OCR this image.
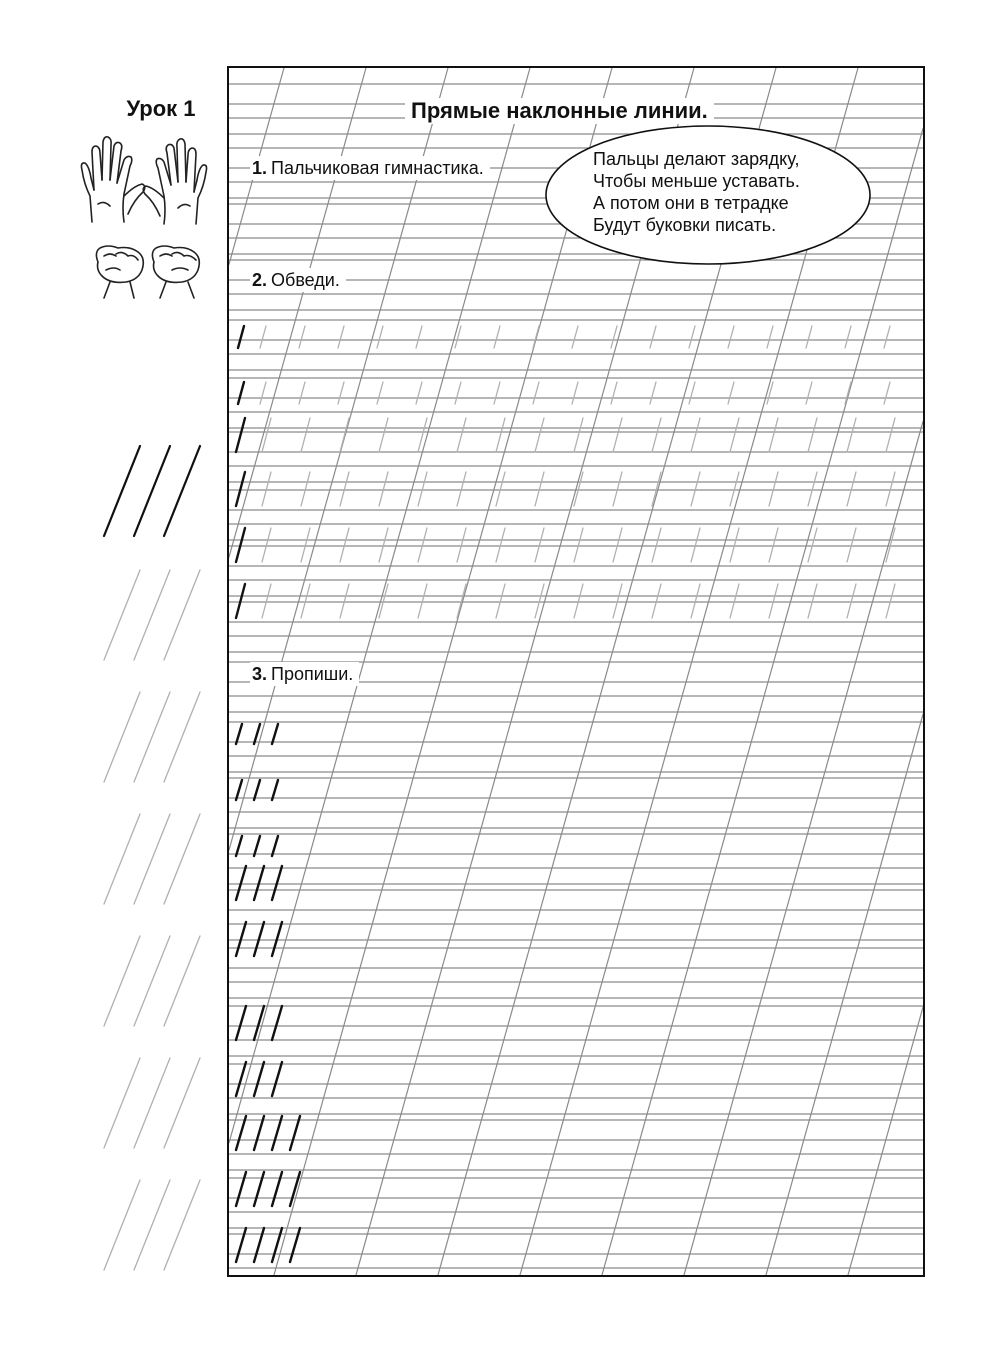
Урок 1	Прямые наклонные линии.
1. Пальчиковая гимнастика.
2. Обведи.
3. Пропиши.
Пальцы делают зарядку,
Чтобы меньше уставать.
А потом они в тетрадке
Будут буковки писать.
